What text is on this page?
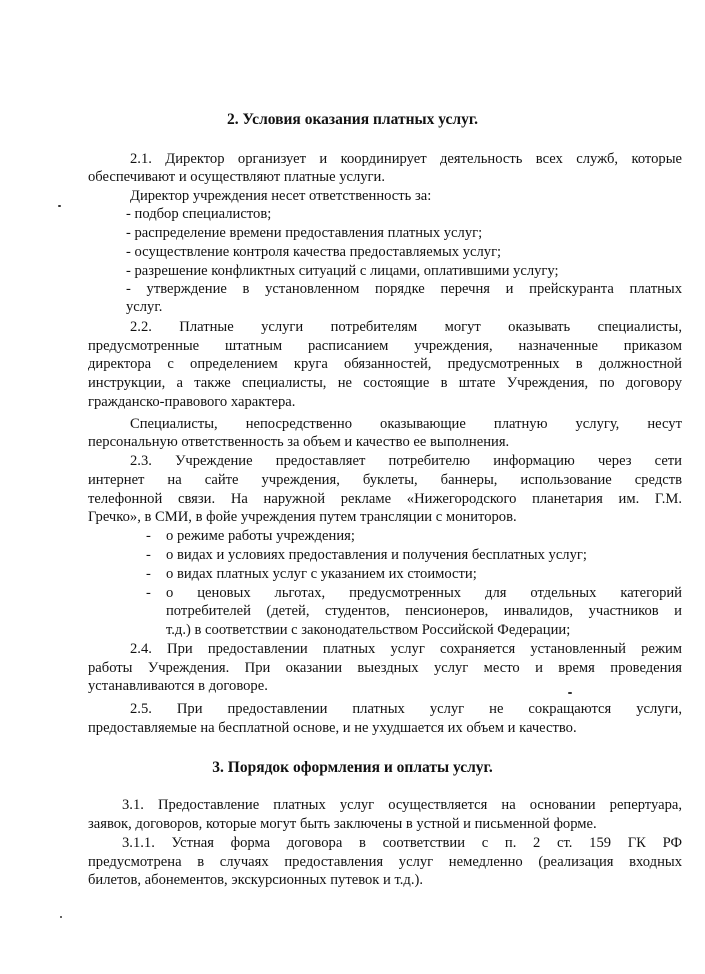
2. Условия оказания платных услуг.

2.1. Директор организует и координирует деятельность всех служб, которые

обеспечивают и осуществляют платные услуги.

Директор учреждения несет ответственность за:

- подбор специалистов;

- распределение времени предоставления платных услуг;

- осуществление контроля качества предоставляемых услуг;

- разрешение конфликтных ситуаций с лицами, оплатившими услугу;

- утверждение в установленном порядке перечня и прейскуранта платных

услуг.

2.2. Платные услуги потребителям могут оказывать специалисты,

предусмотренные штатным расписанием учреждения, назначенные приказом

директора с определением круга обязанностей, предусмотренных в должностной

инструкции, а также специалисты, не состоящие в штате Учреждения, по договору

гражданско-правового характера.

Специалисты, непосредственно оказывающие платную услугу, несут

персональную ответственность за объем и качество ее выполнения.

2.3. Учреждение предоставляет потребителю информацию через сети

интернет на сайте учреждения, буклеты, баннеры, использование средств

телефонной связи. На наружной рекламе «Нижегородского планетария им. Г.М.

Гречко», в СМИ, в фойе учреждения путем трансляции с мониторов.

- о режиме работы учреждения;

- о видах и условиях предоставления и получения бесплатных услуг;

- о видах платных услуг с указанием их стоимости;

- о ценовых льготах, предусмотренных для отдельных категорий

потребителей (детей, студентов, пенсионеров, инвалидов, участников и

т.д.) в соответствии с законодательством Российской Федерации;

2.4. При предоставлении платных услуг сохраняется установленный режим

работы Учреждения. При оказании выездных услуг место и время проведения

устанавливаются в договоре.

2.5. При предоставлении платных услуг не сокращаются услуги,

предоставляемые на бесплатной основе, и не ухудшается их объем и качество.

3. Порядок оформления и оплаты услуг.

3.1. Предоставление платных услуг осуществляется на основании репертуара,

заявок, договоров, которые могут быть заключены в устной и письменной форме.

3.1.1. Устная форма договора в соответствии с п. 2 ст. 159 ГК РФ

предусмотрена в случаях предоставления услуг немедленно (реализация входных

билетов, абонементов, экскурсионных путевок и т.д.).
